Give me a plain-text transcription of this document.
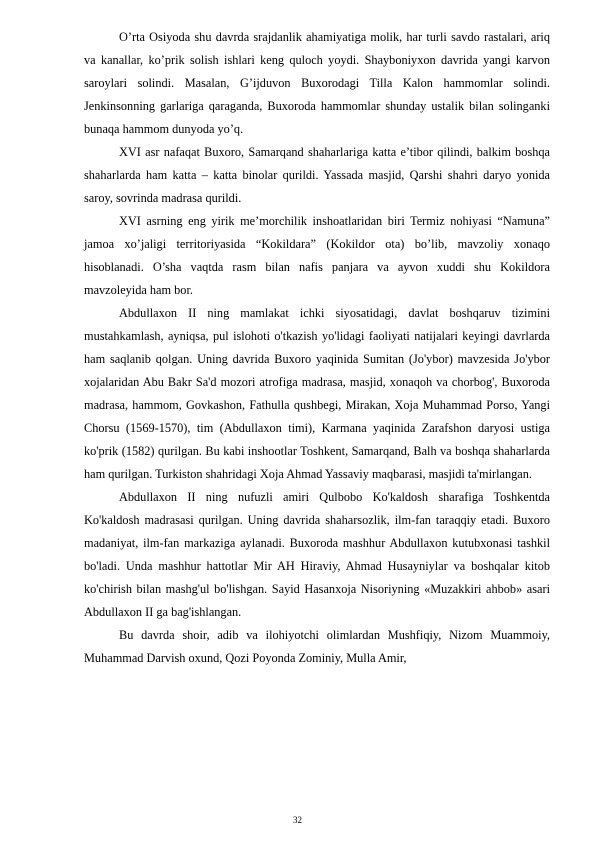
O’rta Osiyoda shu davrda srajdanlik ahamiyatiga molik, har turli savdo rastalari, ariq va kanallar, ko’prik solish ishlari keng quloch yoydi. Shayboniyxon davrida yangi karvon saroylari solindi. Masalan, G’ijduvon Buxorodagi Tilla Kalon hammomlar solindi. Jenkinsonning garlariga qaraganda, Buxoroda hammomlar shunday ustalik bilan solinganki bunaqa hammom dunyoda yo’q.

XVI asr nafaqat Buxoro, Samarqand shaharlariga katta e’tibor qilindi, balkim boshqa shaharlarda ham katta – katta binolar qurildi. Yassada masjid, Qarshi shahri daryo yonida saroy, sovrinda madrasa qurildi.

XVI asrning eng yirik me’morchilik inshoatlaridan biri Termiz nohiyasi “Namuna” jamoa xo’jaligi territoriyasida “Kokildara” (Kokildor ota) bo’lib, mavzoliy xonaqo hisoblanadi. O’sha vaqtda rasm bilan nafis panjara va ayvon xuddi shu Kokildora mavzoleyida ham bor.

Abdullaxon II ning mamlakat ichki siyosatidagi, davlat boshqaruv tizimini mustahkamlash, ayniqsa, pul islohoti o'tkazish yo'lidagi faoliyati natijalari keyingi davrlarda ham saqlanib qolgan. Uning davrida Buxoro yaqinida Sumitan (Jo'ybor) mavzesida Jo'ybor xojalaridan Abu Bakr Sa'd mozori atrofiga madrasa, masjid, xonaqoh va chorbog', Buxoroda madrasa, hammom, Govkashon, Fathulla qushbegi, Mirakan, Xoja Muhammad Porso, Yangi Chorsu (1569-1570), tim (Abdullaxon timi), Karmana yaqinida Zarafshon daryosi ustiga ko'prik (1582) qurilgan. Bu kabi inshootlar Toshkent, Samarqand, Balh va boshqa shaharlarda ham qurilgan. Turkiston shahridagi Xoja Ahmad Yassaviy maqbarasi, masjidi ta'mirlangan.

Abdullaxon II ning nufuzli amiri Qulbobo Ko'kaldosh sharafiga Toshkentda Ko'kaldosh madrasasi qurilgan. Uning davrida shaharsozlik, ilm-fan taraqqiy etadi. Buxoro madaniyat, ilm-fan markaziga aylanadi. Buxoroda mashhur Abdullaxon kutubxonasi tashkil bo'ladi. Unda mashhur hattotlar Mir AH Hiraviy, Ahmad Husayniylar va boshqalar kitob ko'chirish bilan mashg'ul bo'lishgan. Sayid Hasanxoja Nisoriyning «Muzakkiri ahbob» asari Abdullaxon II ga bag'ishlangan.

Bu davrda shoir, adib va ilohiyotchi olimlardan Mushfiqiy, Nizom Muammoiy, Muhammad Darvish oxund, Qozi Poyonda Zominiy, Mulla Amir,

32
